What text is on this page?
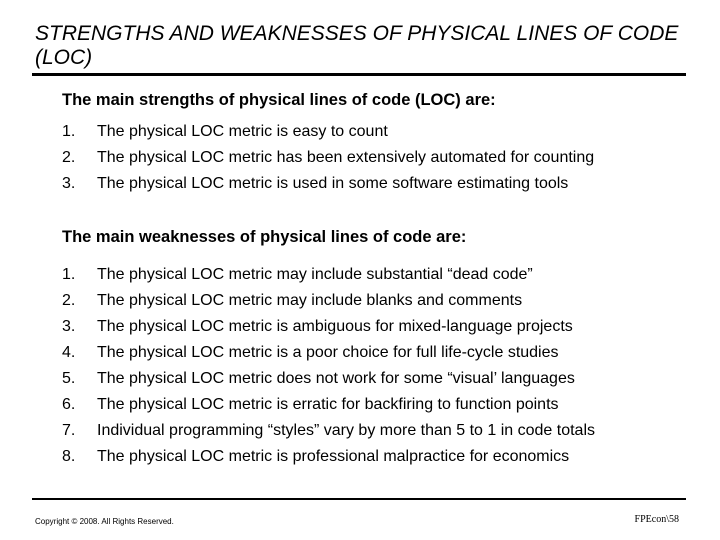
STRENGTHS AND WEAKNESSES OF PHYSICAL LINES OF CODE (LOC)
The main strengths of physical lines of code (LOC) are:
1. The physical LOC metric is easy to count
2. The physical LOC metric has been extensively automated for counting
3. The physical LOC metric is used in some software estimating tools
The main weaknesses of physical lines of code are:
1. The physical LOC metric may include substantial “dead code”
2. The physical LOC metric may include blanks and comments
3. The physical LOC metric is ambiguous for mixed-language projects
4. The physical LOC metric is a poor choice for full life-cycle studies
5. The physical LOC metric does not work for some “visual’ languages
6. The physical LOC metric is erratic for backfiring to function points
7. Individual programming “styles” vary by more than 5 to 1 in code totals
8. The physical LOC metric is professional malpractice for economics
Copyright © 2008. All Rights Reserved.	FPEcon\58
